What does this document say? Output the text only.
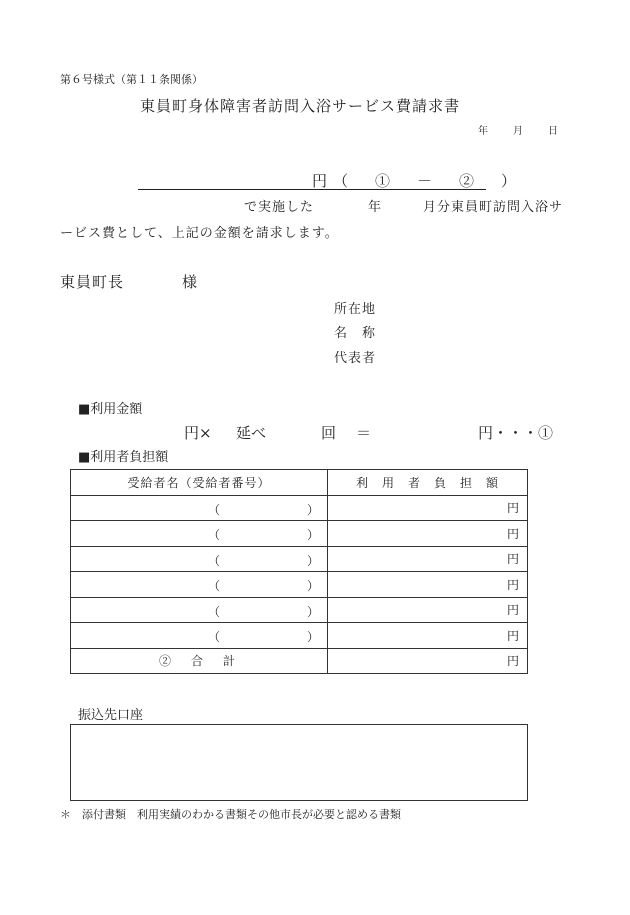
第６号様式（第１１条関係）
東員町身体障害者訪問入浴サービス費請求書
年	月	日
円（　①　－　②　）
で実施した	年	月分東員町訪問入浴サ
ービス費として、上記の金額を請求します。
東員町長	様
所在地
名　称
代表者
■利用金額
円× 延べ	回 ＝	円・・・①
■利用者負担額
受給者名（受給者番号）	利　用　者　負　担　額

（ ）	円

（ ）	円

（ ）	円

（ ）	円

（ ）	円

（ ）	円
②　合　計	円
振込先口座
＊　添付書類　利用実績のわかる書類その他市長が必要と認める書類
